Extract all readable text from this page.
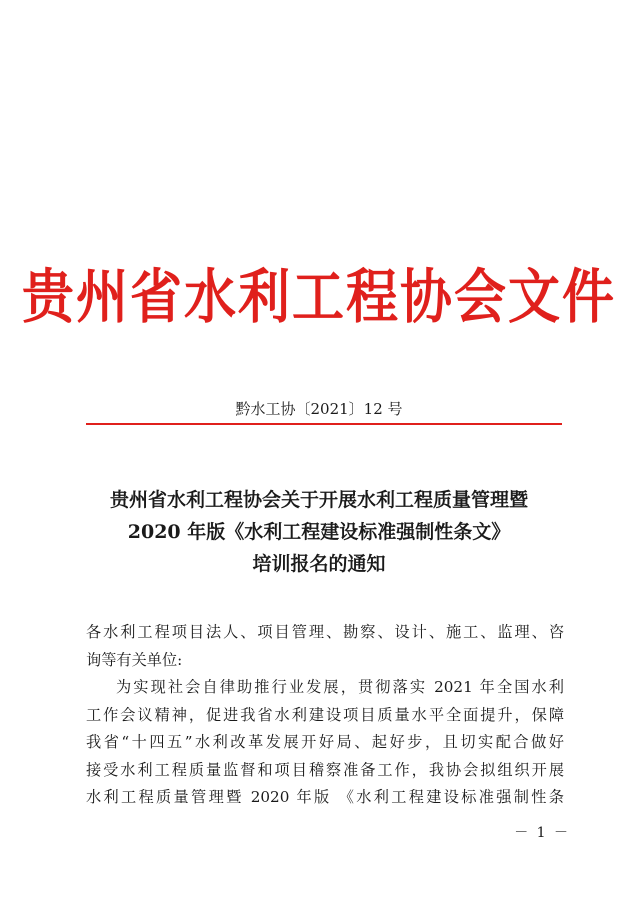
贵州省水利工程协会文件
黔水工协〔2021〕12 号
贵州省水利工程协会关于开展水利工程质量管理暨
2020 年版《水利工程建设标准强制性条文》
培训报名的通知
各水利工程项目法人、项目管理、勘察、设计、施工、监理、咨
询等有关单位:
为实现社会自律助推行业发展，贯彻落实 2021 年全国水利
工作会议精神，促进我省水利建设项目质量水平全面提升，保障
我省“十四五”水利改革发展开好局、起好步，且切实配合做好
接受水利工程质量监督和项目稽察准备工作，我协会拟组织开展
水利工程质量管理暨 2020 年版 《水利工程建设标准强制性条
－ 1 －
